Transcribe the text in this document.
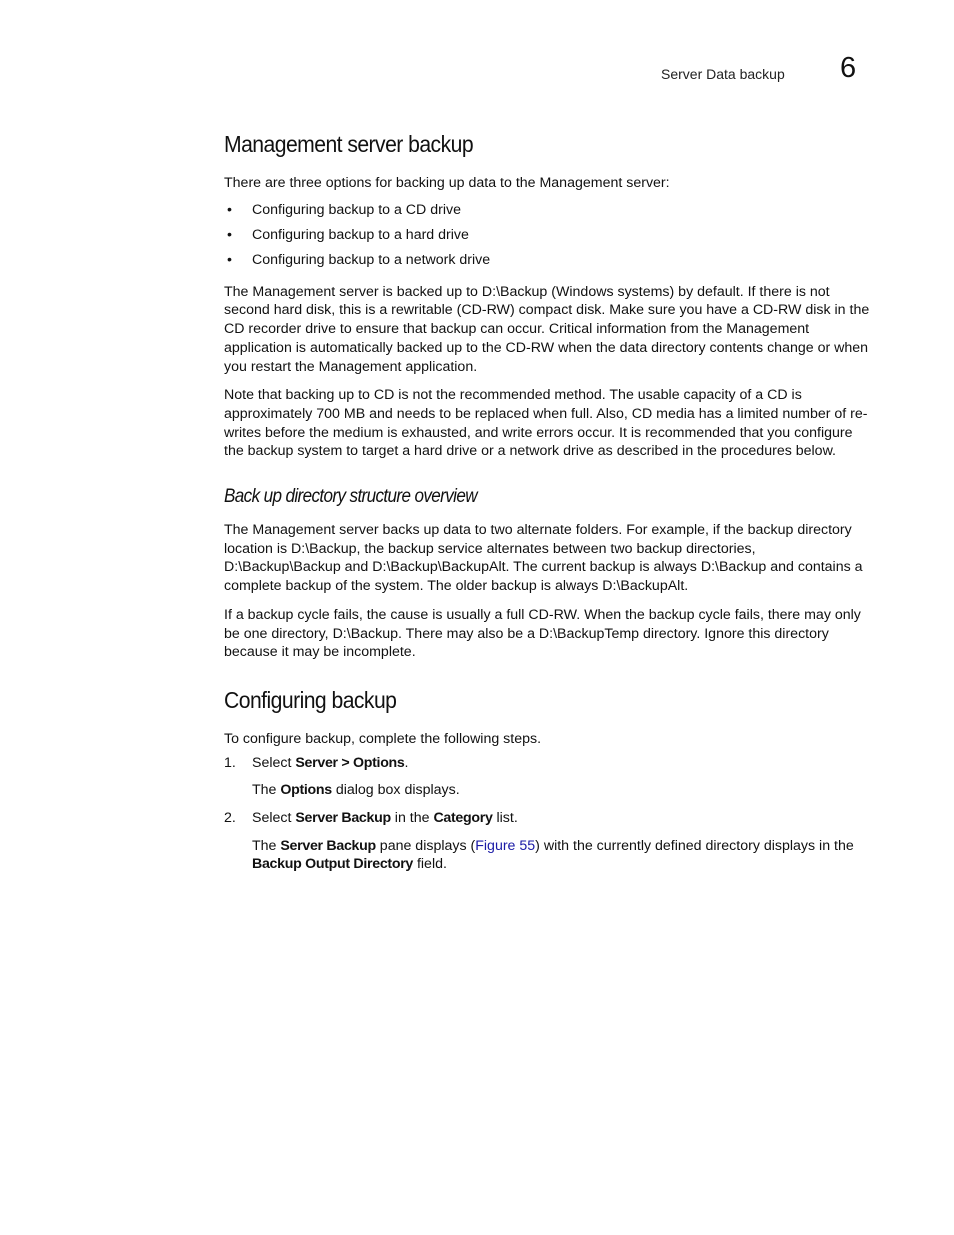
Server Data backup 6
Management server backup

There are three options for backing up data to the Management server:

• Configuring backup to a CD drive
• Configuring backup to a hard drive
• Configuring backup to a network drive

The Management server is backed up to D:\Backup (Windows systems) by default. If there is not second hard disk, this is a rewritable (CD-RW) compact disk. Make sure you have a CD-RW disk in the CD recorder drive to ensure that backup can occur. Critical information from the Management application is automatically backed up to the CD-RW when the data directory contents change or when you restart the Management application.

Note that backing up to CD is not the recommended method. The usable capacity of a CD is approximately 700 MB and needs to be replaced when full. Also, CD media has a limited number of re-writes before the medium is exhausted, and write errors occur. It is recommended that you configure the backup system to target a hard drive or a network drive as described in the procedures below.

Back up directory structure overview

The Management server backs up data to two alternate folders. For example, if the backup directory location is D:\Backup, the backup service alternates between two backup directories, D:\Backup\Backup and D:\Backup\BackupAlt. The current backup is always D:\Backup and contains a complete backup of the system. The older backup is always D:\BackupAlt.

If a backup cycle fails, the cause is usually a full CD-RW. When the backup cycle fails, there may only be one directory, D:\Backup. There may also be a D:\BackupTemp directory. Ignore this directory because it may be incomplete.

Configuring backup

To configure backup, complete the following steps.

1. Select Server > Options.
The Options dialog box displays.
2. Select Server Backup in the Category list.
The Server Backup pane displays (Figure 55) with the currently defined directory displays in the Backup Output Directory field.
